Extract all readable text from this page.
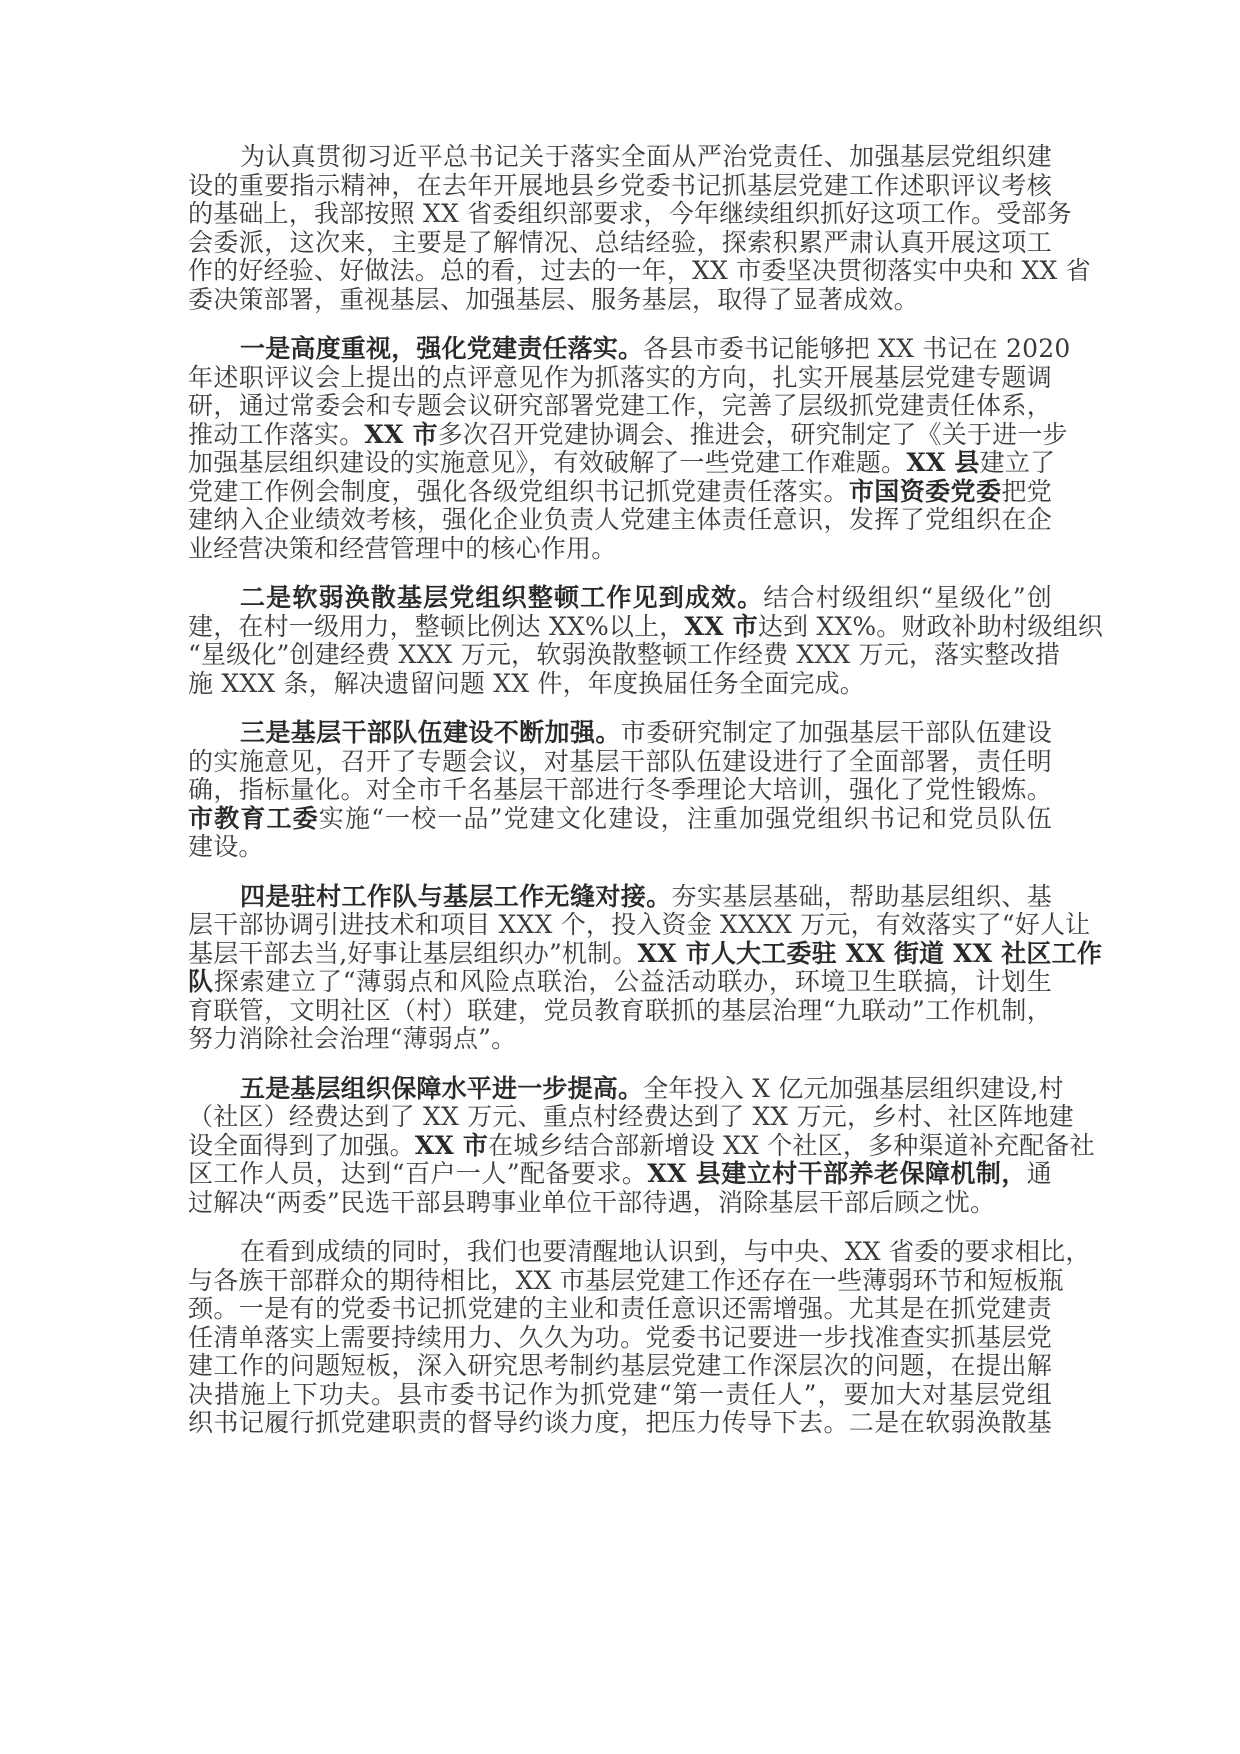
为认真贯彻习近平总书记关于落实全面从严治党责任、加强基层党组织建
设的重要指示精神，在去年开展地县乡党委书记抓基层党建工作述职评议考核
的基础上，我部按照 XX 省委组织部要求，今年继续组织抓好这项工作。受部务
会委派，这次来，主要是了解情况、总结经验，探索积累严肃认真开展这项工
作的好经验、好做法。总的看，过去的一年，XX 市委坚决贯彻落实中央和 XX 省
委决策部署，重视基层、加强基层、服务基层，取得了显著成效。
一是高度重视，强化党建责任落实。各县市委书记能够把 XX 书记在 2020
年述职评议会上提出的点评意见作为抓落实的方向，扎实开展基层党建专题调
研，通过常委会和专题会议研究部署党建工作，完善了层级抓党建责任体系，
推动工作落实。XX 市多次召开党建协调会、推进会，研究制定了《关于进一步
加强基层组织建设的实施意见》，有效破解了一些党建工作难题。XX 县建立了
党建工作例会制度，强化各级党组织书记抓党建责任落实。市国资委党委把党
建纳入企业绩效考核，强化企业负责人党建主体责任意识，发挥了党组织在企
业经营决策和经营管理中的核心作用。
二是软弱涣散基层党组织整顿工作见到成效。结合村级组织“星级化”创
建，在村一级用力，整顿比例达 XX%以上，XX 市达到 XX%。财政补助村级组织
“星级化”创建经费 XXX 万元，软弱涣散整顿工作经费 XXX 万元，落实整改措
施 XXX 条，解决遗留问题 XX 件，年度换届任务全面完成。
三是基层干部队伍建设不断加强。市委研究制定了加强基层干部队伍建设
的实施意见，召开了专题会议，对基层干部队伍建设进行了全面部署，责任明
确，指标量化。对全市千名基层干部进行冬季理论大培训，强化了党性锻炼。
市教育工委实施“一校一品”党建文化建设，注重加强党组织书记和党员队伍
建设。
四是驻村工作队与基层工作无缝对接。夯实基层基础，帮助基层组织、基
层干部协调引进技术和项目 XXX 个，投入资金 XXXX 万元，有效落实了“好人让
基层干部去当,好事让基层组织办”机制。XX 市人大工委驻 XX 街道 XX 社区工作
队探索建立了“薄弱点和风险点联治，公益活动联办，环境卫生联搞，计划生
育联管，文明社区（村）联建，党员教育联抓的基层治理“九联动”工作机制，
努力消除社会治理“薄弱点”。
五是基层组织保障水平进一步提高。全年投入 X 亿元加强基层组织建设,村
（社区）经费达到了 XX 万元、重点村经费达到了 XX 万元，乡村、社区阵地建
设全面得到了加强。XX 市在城乡结合部新增设 XX 个社区，多种渠道补充配备社
区工作人员，达到“百户一人”配备要求。XX 县建立村干部养老保障机制，通
过解决“两委”民选干部县聘事业单位干部待遇，消除基层干部后顾之忧。
在看到成绩的同时，我们也要清醒地认识到，与中央、XX 省委的要求相比，
与各族干部群众的期待相比，XX 市基层党建工作还存在一些薄弱环节和短板瓶
颈。一是有的党委书记抓党建的主业和责任意识还需增强。尤其是在抓党建责
任清单落实上需要持续用力、久久为功。党委书记要进一步找准查实抓基层党
建工作的问题短板，深入研究思考制约基层党建工作深层次的问题，在提出解
决措施上下功夫。县市委书记作为抓党建“第一责任人”，要加大对基层党组
织书记履行抓党建职责的督导约谈力度，把压力传导下去。二是在软弱涣散基
